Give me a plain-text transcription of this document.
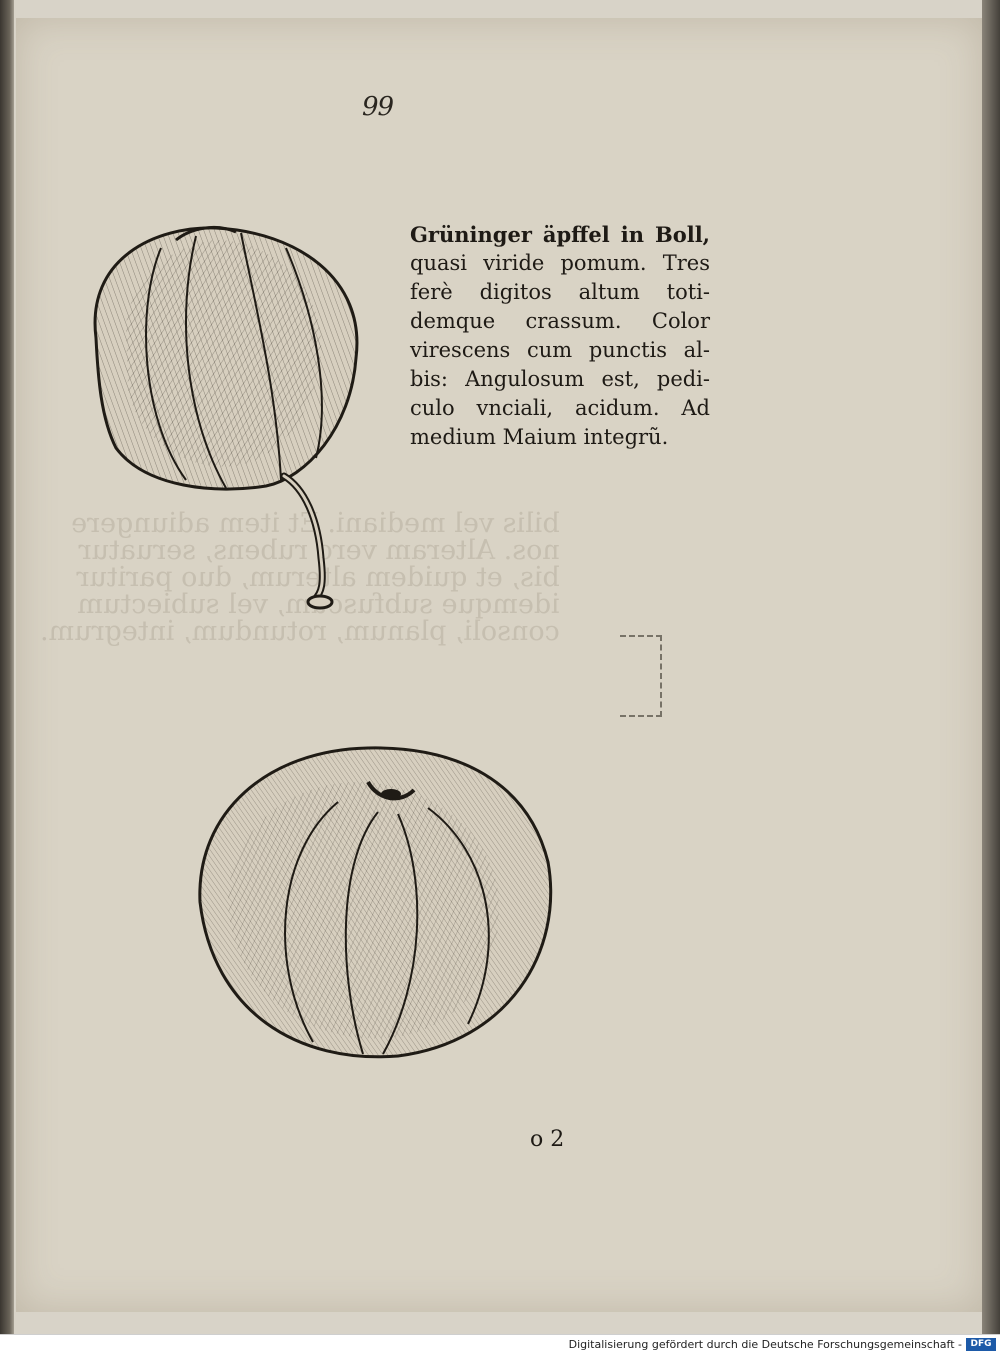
99
Grüninger äpffel in Boll,
quasi viride pomum. Tres
ferè digitos altum toti-
demque crassum. Color
virescens cum punctis al-
bis: Angulosum est, pedi-
culo vnciali, acidum. Ad
medium Maium integrũ.
o 2
Digitalisierung gefördert durch die Deutsche Forschungsgemeinschaft - DFG
